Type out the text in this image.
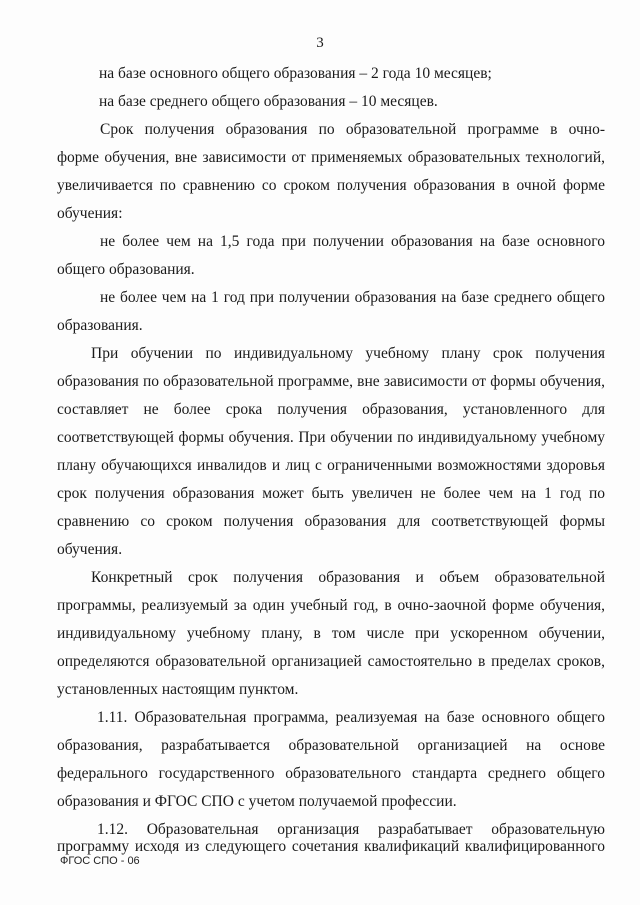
3
на базе основного общего образования – 2 года 10 месяцев;
на базе среднего общего образования – 10 месяцев.
Срок получения образования по образовательной программе в очно-
форме обучения, вне зависимости от применяемых образовательных технологий,
увеличивается по сравнению со сроком получения образования в очной форме
обучения:
не более чем на 1,5 года при получении образования на базе основного
общего образования.
не более чем на 1 год при получении образования на базе среднего общего
образования.
При обучении по индивидуальному учебному плану срок получения
образования по образовательной программе, вне зависимости от формы обучения,
составляет не более срока получения образования, установленного для
соответствующей формы обучения. При обучении по индивидуальному учебному
плану обучающихся инвалидов и лиц с ограниченными возможностями здоровья
срок получения образования может быть увеличен не более чем на 1 год по
сравнению со сроком получения образования для соответствующей формы
обучения.
Конкретный срок получения образования и объем образовательной
программы, реализуемый за один учебный год, в очно-заочной форме обучения,
индивидуальному учебному плану, в том числе при ускоренном обучении,
определяются образовательной организацией самостоятельно в пределах сроков,
установленных настоящим пунктом.
1.11. Образовательная программа, реализуемая на базе основного общего
образования, разрабатывается образовательной организацией на основе
федерального государственного образовательного стандарта среднего общего
образования и ФГОС СПО с учетом получаемой профессии.
1.12. Образовательная организация разрабатывает образовательную
ФГОС СПО - 06
программу исходя из следующего сочетания квалификаций квалифицированного
